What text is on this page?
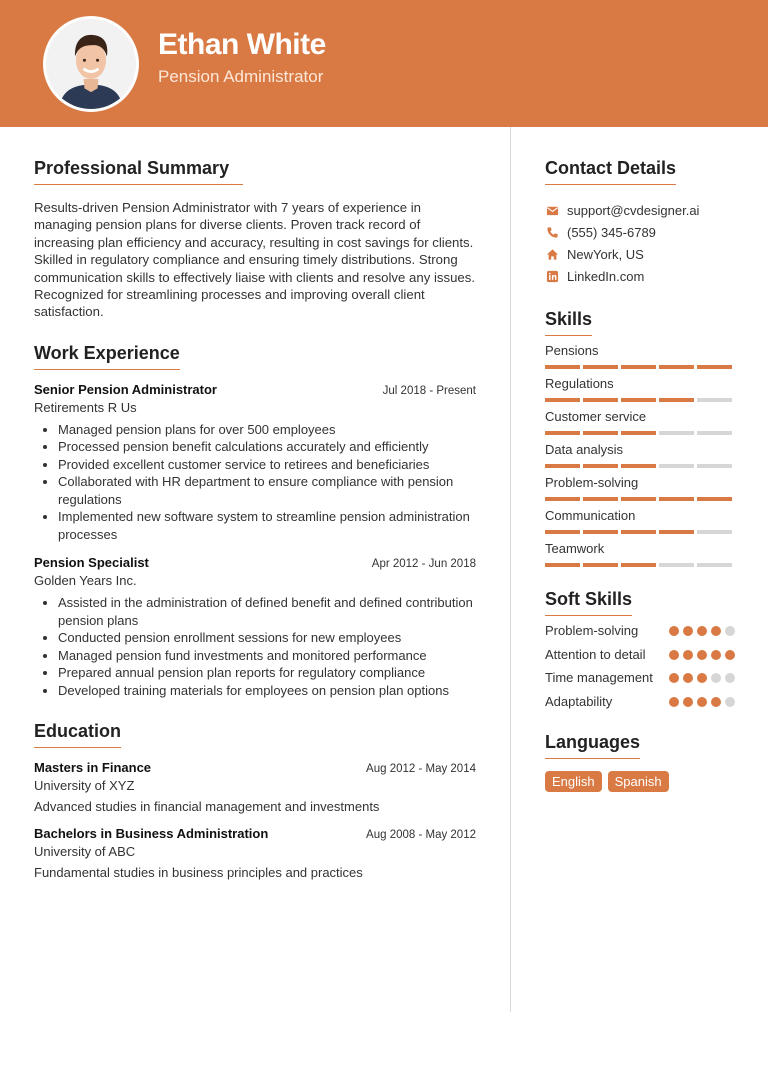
Ethan White
Pension Administrator
Professional Summary

Results-driven Pension Administrator with 7 years of experience in managing pension plans for diverse clients. Proven track record of increasing plan efficiency and accuracy, resulting in cost savings for clients. Skilled in regulatory compliance and ensuring timely distributions. Strong communication skills to effectively liaise with clients and resolve any issues. Recognized for streamlining processes and improving overall client satisfaction.

Work Experience
Senior Pension Administrator	Jul 2018 - Present
Retirements R Us
• Managed pension plans for over 500 employees
• Processed pension benefit calculations accurately and efficiently
• Provided excellent customer service to retirees and beneficiaries
• Collaborated with HR department to ensure compliance with pension regulations
• Implemented new software system to streamline pension administration processes
Pension Specialist	Apr 2012 - Jun 2018
Golden Years Inc.
• Assisted in the administration of defined benefit and defined contribution pension plans
• Conducted pension enrollment sessions for new employees
• Managed pension fund investments and monitored performance
• Prepared annual pension plan reports for regulatory compliance
• Developed training materials for employees on pension plan options
Education
Masters in Finance	Aug 2012 - May 2014
University of XYZ
Advanced studies in financial management and investments
Bachelors in Business Administration	Aug 2008 - May 2012
University of ABC
Fundamental studies in business principles and practices
Contact Details
support@cvdesigner.ai
(555) 345-6789
NewYork, US
LinkedIn.com
Skills
Pensions
Regulations
Customer service
Data analysis
Problem-solving
Communication
Teamwork
Soft Skills
Problem-solving
Attention to detail
Time management
Adaptability
Languages
English	Spanish
